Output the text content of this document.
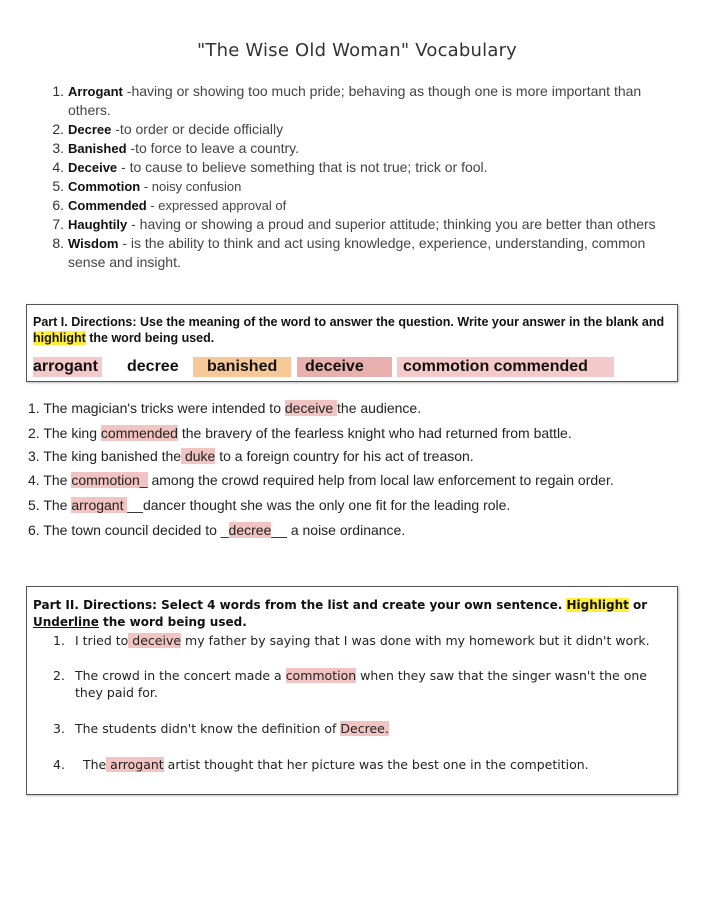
"The Wise Old Woman" Vocabulary
1. Arrogant -having or showing too much pride; behaving as though one is more important than others.
2. Decree -to order or decide officially
3. Banished -to force to leave a country.
4. Deceive - to cause to believe something that is not true; trick or fool.
5. Commotion - noisy confusion
6. Commended - expressed approval of
7. Haughtily - having or showing a proud and superior attitude; thinking you are better than others
8. Wisdom - is the ability to think and act using knowledge, experience, understanding, common sense and insight.
Part I. Directions: Use the meaning of the word to answer the question. Write your answer in the blank and highlight the word being used.
arrogant decree	banished	deceive	commotion commended
1. The magician's tricks were intended to deceive the audience.
2. The king commended the bravery of the fearless knight who had returned from battle.
3. The king banished the duke to a foreign country for his act of treason.
4. The commotion_ among the crowd required help from local law enforcement to regain order.
5. The arrogant __dancer thought she was the only one fit for the leading role.
6. The town council decided to _decree__ a noise ordinance.
Part II. Directions: Select 4 words from the list and create your own sentence. Highlight or Underline the word being used.
1. I tried to deceive my father by saying that I was done with my homework but it didn't work.
2. The crowd in the concert made a commotion when they saw that the singer wasn't the one they paid for.
3. The students didn't know the definition of Decree.
4. The arrogant artist thought that her picture was the best one in the competition.
